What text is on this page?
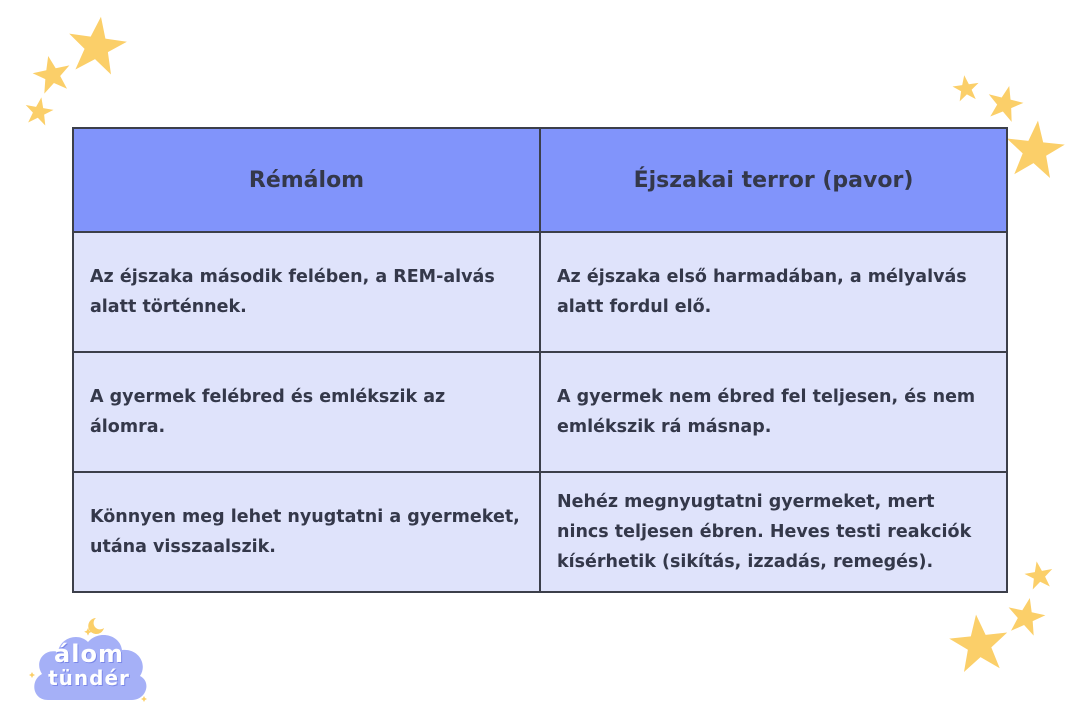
Rémálom	Éjszakai terror (pavor)
Az éjszaka második felében, a REM-alvás alatt történnek.	Az éjszaka első harmadában, a mélyalvás alatt fordul elő.
A gyermek felébred és emlékszik az álomra.	A gyermek nem ébred fel teljesen, és nem emlékszik rá másnap.
Könnyen meg lehet nyugtatni a gyermeket, utána visszaalszik.	Nehéz megnyugtatni gyermeket, mert nincs teljesen ébren. Heves testi reakciók kísérhetik (sikítás, izzadás, remegés).
álom
tündér
